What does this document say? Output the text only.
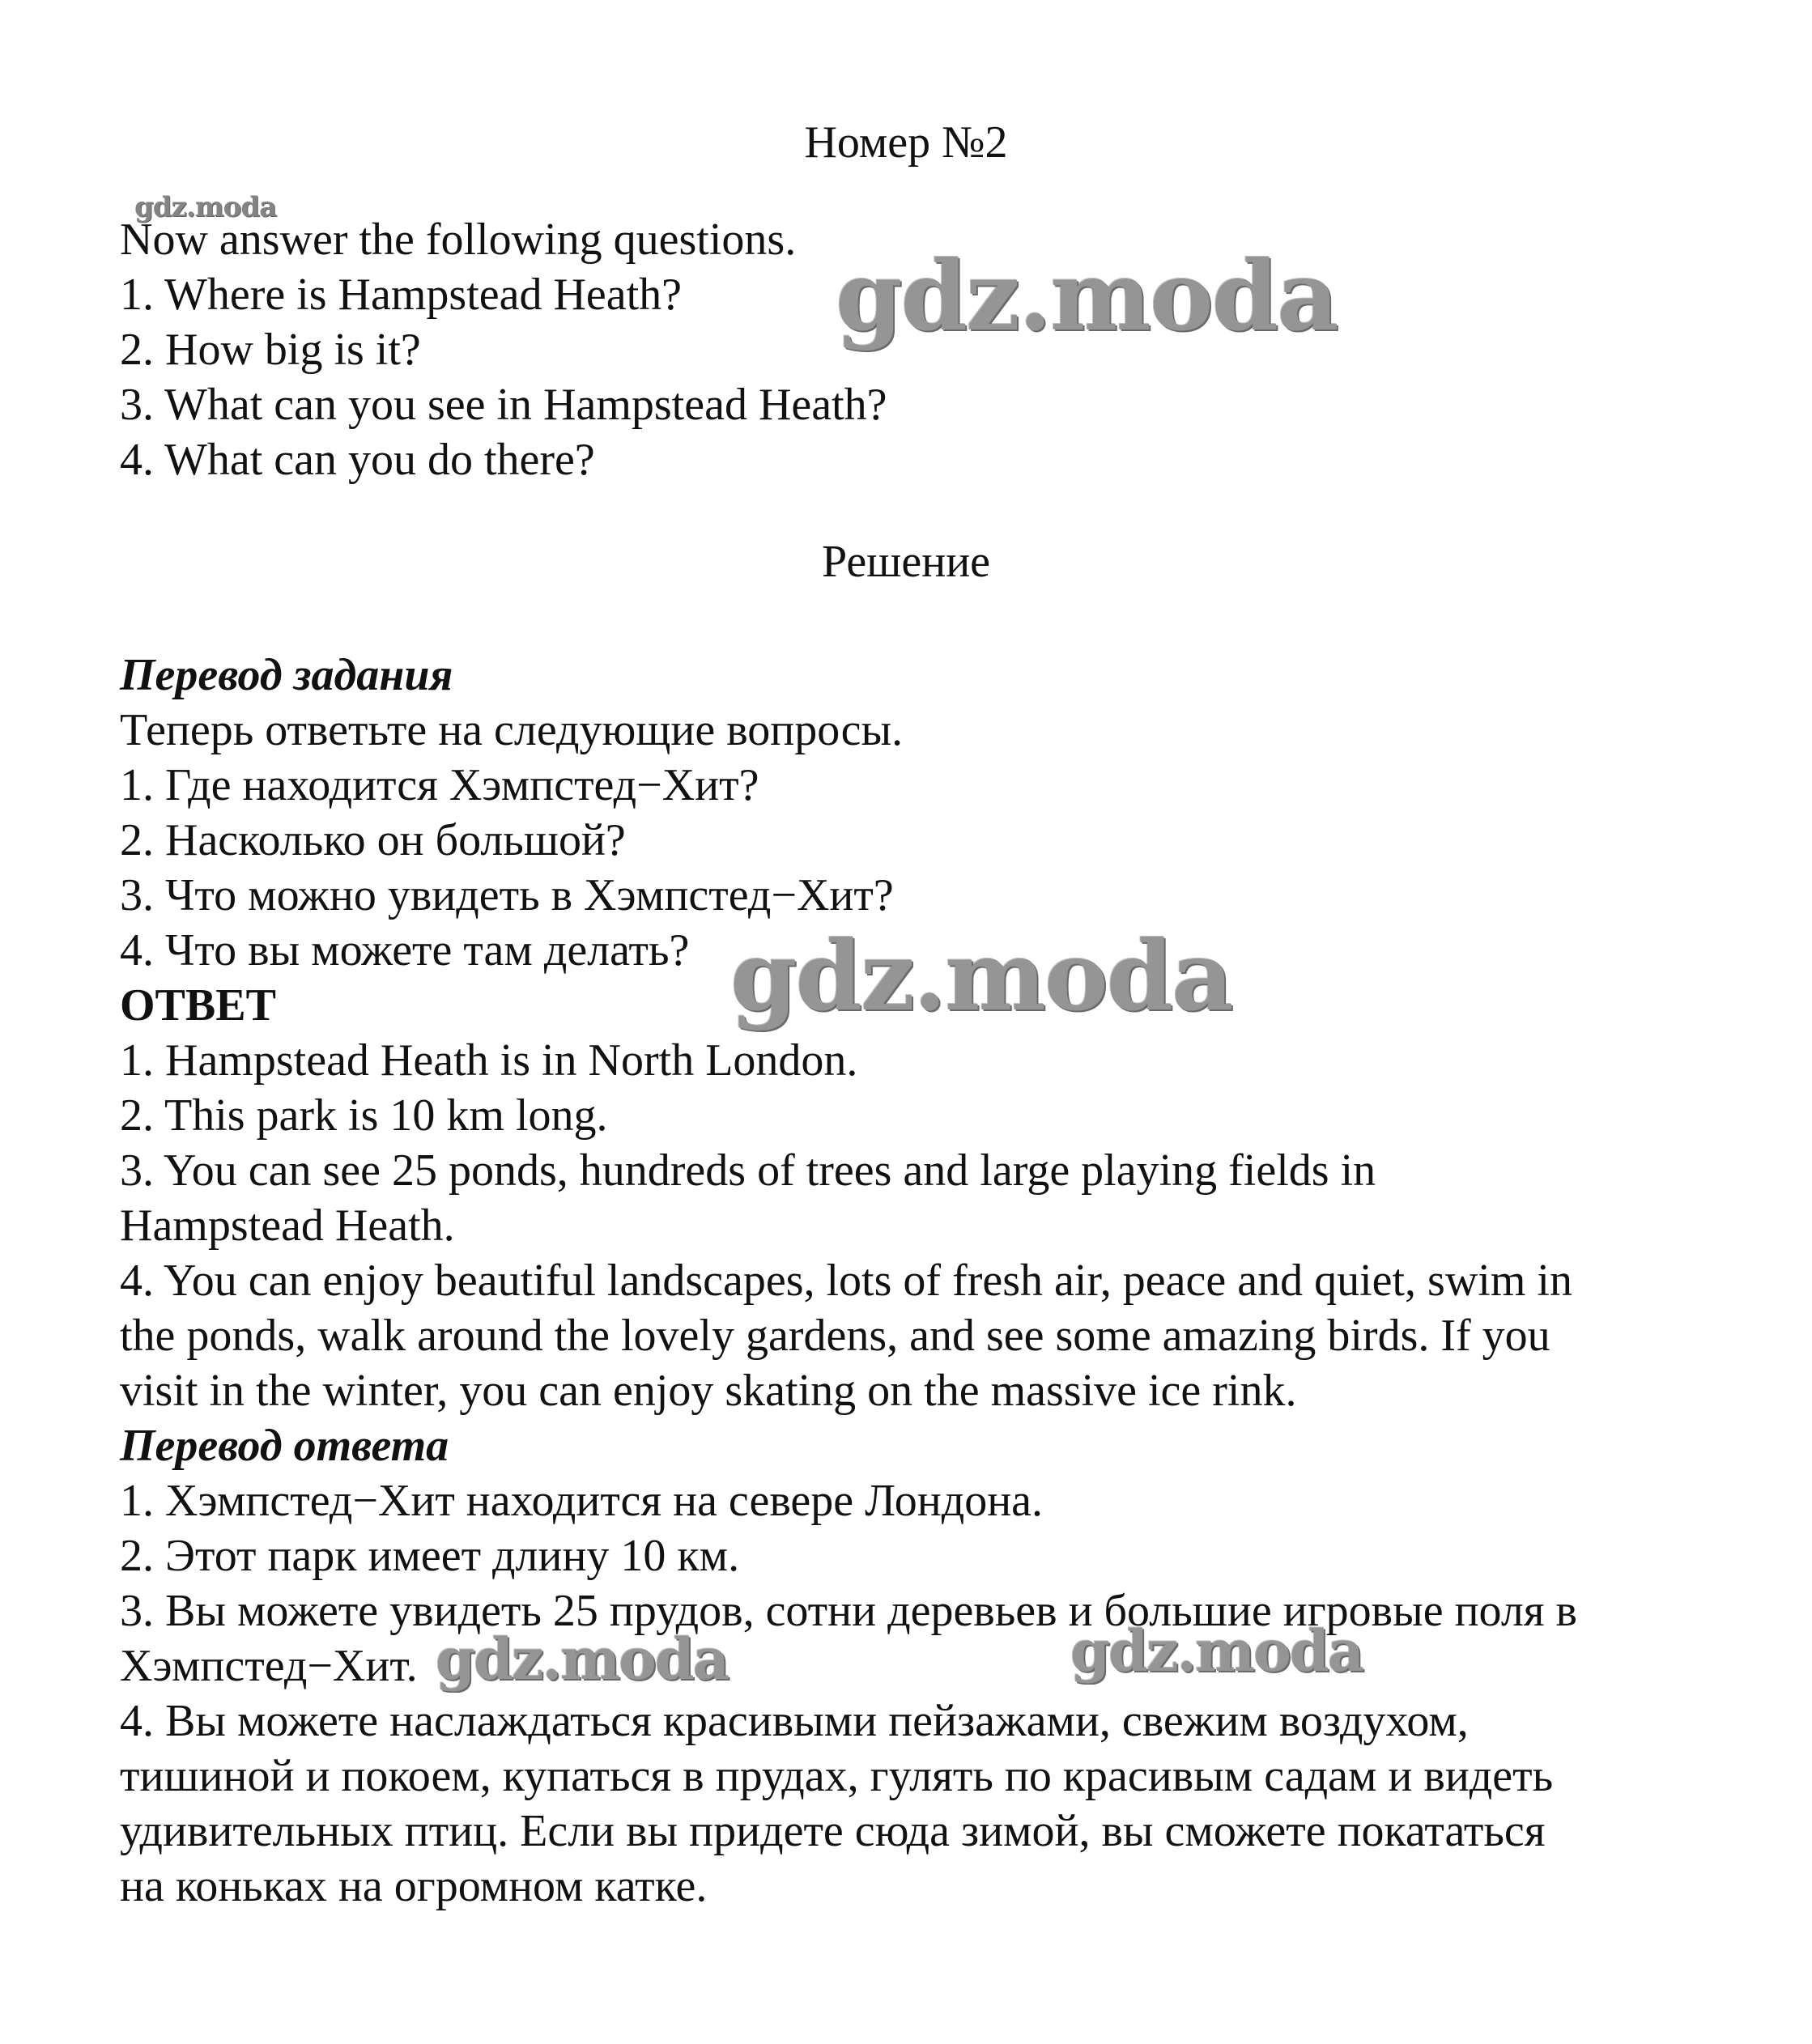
Номер №2
Now answer the following questions.
1. Where is Hampstead Heath?
2. How big is it?
3. What can you see in Hampstead Heath?
4. What can you do there?
Решение
Перевод задания
Теперь ответьте на следующие вопросы.
1. Где находится Хэмпстед−Хит?
2. Насколько он большой?
3. Что можно увидеть в Хэмпстед−Хит?
4. Что вы можете там делать?
ОТВЕТ
1. Hampstead Heath is in North London.
2. This park is 10 km long.
3. You can see 25 ponds, hundreds of trees and large playing fields in
Hampstead Heath.
4. You can enjoy beautiful landscapes, lots of fresh air, peace and quiet, swim in
the ponds, walk around the lovely gardens, and see some amazing birds. If you
visit in the winter, you can enjoy skating on the massive ice rink.
Перевод ответа
1. Хэмпстед−Хит находится на севере Лондона.
2. Этот парк имеет длину 10 км.
3. Вы можете увидеть 25 прудов, сотни деревьев и большие игровые поля в
Хэмпстед−Хит.
4. Вы можете наслаждаться красивыми пейзажами, свежим воздухом,
тишиной и покоем, купаться в прудах, гулять по красивым садам и видеть
удивительных птиц. Если вы придете сюда зимой, вы сможете покататься
на коньках на огромном катке.
gdz.moda
gdz.moda
gdz.moda
gdz.moda	gdz.moda
